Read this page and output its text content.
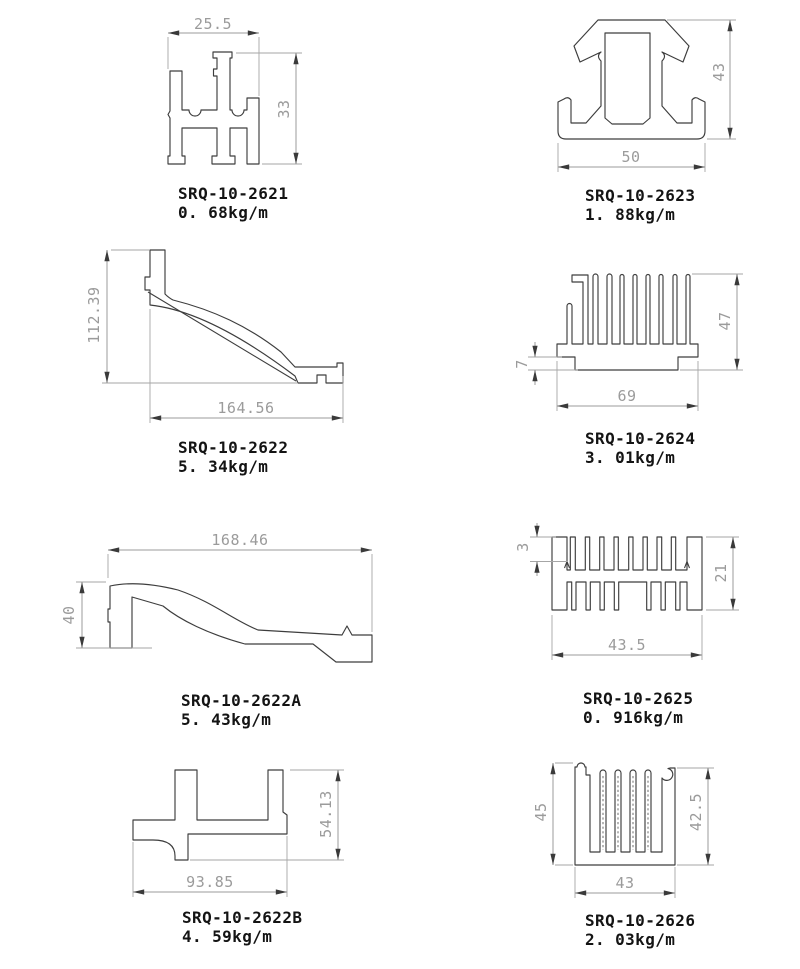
25.5
33
43
50
112.39
164.56
47
7
69
168.46
40
3
21
43.5
54.13
93.85
45	42.5
43
SRQ-10-2621
0. 68kg/m
SRQ-10-2623
1. 88kg/m
SRQ-10-2622
5. 34kg/m
SRQ-10-2624
3. 01kg/m
SRQ-10-2622A
5. 43kg/m
SRQ-10-2625
0. 916kg/m
SRQ-10-2622B
4. 59kg/m
SRQ-10-2626
2. 03kg/m
